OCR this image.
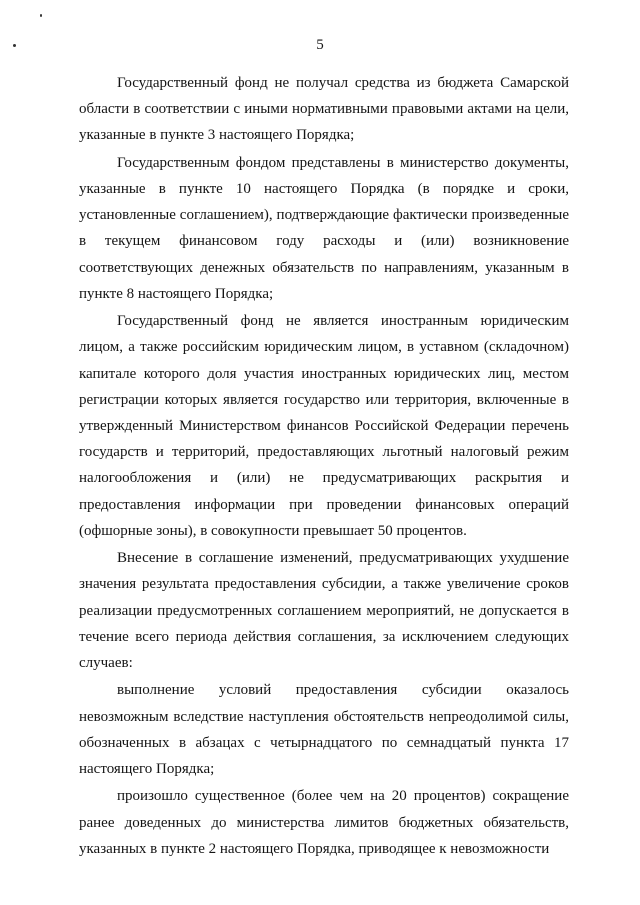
5

Государственный фонд не получал средства из бюджета Самарской области в соответствии с иными нормативными правовыми актами на цели, указанные в пункте 3 настоящего Порядка;

Государственным фондом представлены в министерство документы, указанные в пункте 10 настоящего Порядка (в порядке и сроки, установленные соглашением), подтверждающие фактически произведенные в текущем финансовом году расходы и (или) возникновение соответствующих денежных обязательств по направлениям, указанным в пункте 8 настоящего Порядка;

Государственный фонд не является иностранным юридическим лицом, а также российским юридическим лицом, в уставном (складочном) капитале которого доля участия иностранных юридических лиц, местом регистрации которых является государство или территория, включенные в утвержденный Министерством финансов Российской Федерации перечень государств и территорий, предоставляющих льготный налоговый режим налогообложения и (или) не предусматривающих раскрытия и предоставления информации при проведении финансовых операций (офшорные зоны), в совокупности превышает 50 процентов.

Внесение в соглашение изменений, предусматривающих ухудшение значения результата предоставления субсидии, а также увеличение сроков реализации предусмотренных соглашением мероприятий, не допускается в течение всего периода действия соглашения, за исключением следующих случаев:

выполнение условий предоставления субсидии оказалось невозможным вследствие наступления обстоятельств непреодолимой силы, обозначенных в абзацах с четырнадцатого по семнадцатый пункта 17 настоящего Порядка;

произошло существенное (более чем на 20 процентов) сокращение ранее доведенных до министерства лимитов бюджетных обязательств, указанных в пункте 2 настоящего Порядка, приводящее к невозможности
